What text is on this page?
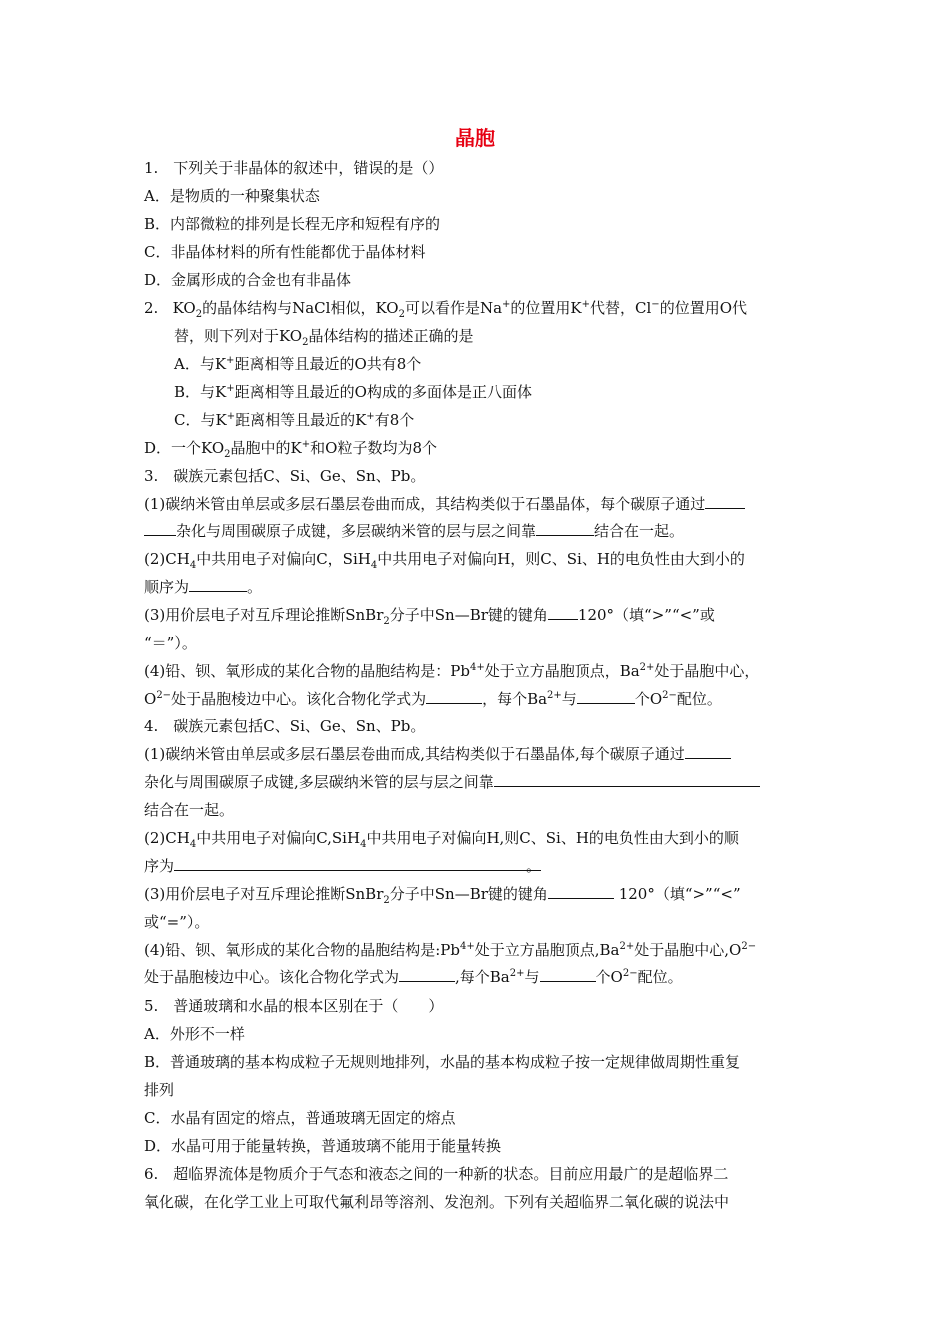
晶胞
1.　下列关于非晶体的叙述中，错误的是（）
A．是物质的一种聚集状态
B．内部微粒的排列是长程无序和短程有序的
C．非晶体材料的所有性能都优于晶体材料
D．金属形成的合金也有非晶体
2. $KO_2$的晶体结构与NaCl相似，$KO_2$可以看作是Na+的位置用K+代替，Cl−的位置用O代
替，则下列对于$KO_2$晶体结构的描述正确的是
A．与K+距离相等且最近的O共有8个
B．与K+距离相等且最近的O构成的多面体是正八面体
C．与K+距离相等且最近的K+有8个
D．一个$KO_2$晶胞中的K+和O粒子数均为8个
3.　碳族元素包括C、Si、Ge、Sn、Pb。
(1)碳纳米管由单层或多层石墨层卷曲而成，其结构类似于石墨晶体，每个碳原子通过
杂化与周围碳原子成键，多层碳纳米管的层与层之间靠	结合在一起。
$(2)CH_4$中共用电子对偏向C，SiH$_4$中共用电子对偏向H，则C、Si、H的电负性由大到小的
顺序为	。
(3)用价层电子对互斥理论推断SnBr$_2$分子中Sn—Br键的键角 120°（填“>”“<”或
“＝”）。
(4)铅、钡、氧形成的某化合物的晶胞结构是：$Pb^{4+}$处于立方晶胞顶点，$Ba^{2+}$处于晶胞中心，
$O^{2-}$处于晶胞棱边中心。该化合物化学式为	，每个$Ba^{2+}$与	个$O^{2-}$配位。
4.　碳族元素包括C、Si、Ge、Sn、Pb。
(1)碳纳米管由单层或多层石墨层卷曲而成,其结构类似于石墨晶体,每个碳原子通过
杂化与周围碳原子成键,多层碳纳米管的层与层之间靠
结合在一起。
$(2)CH_4$中共用电子对偏向C,SiH$_4$中共用电子对偏向H,则C、Si、H的电负性由大到小的顺
序为	。
(3)用价层电子对互斥理论推断SnBr$_2$分子中Sn—Br键的键角	120°（填“>”“<”
或“=”）。
(4)铅、钡、氧形成的某化合物的晶胞结构是$:Pb^{4+}$处于立方晶胞顶点$,Ba^{2+}$处于晶胞中心$,O^{2-}$
处于晶胞棱边中心。该化合物化学式为	,每个$Ba^{2+}$与	个$O^{2-}$配位。
5.　普通玻璃和水晶的根本区别在于（　　）
A．外形不一样
B．普通玻璃的基本构成粒子无规则地排列，水晶的基本构成粒子按一定规律做周期性重复
排列
C．水晶有固定的熔点，普通玻璃无固定的熔点
D．水晶可用于能量转换，普通玻璃不能用于能量转换
6.　超临界流体是物质介于气态和液态之间的一种新的状态。目前应用最广的是超临界二
氧化碳，在化学工业上可取代氟利昂等溶剂、发泡剂。下列有关超临界二氧化碳的说法中
